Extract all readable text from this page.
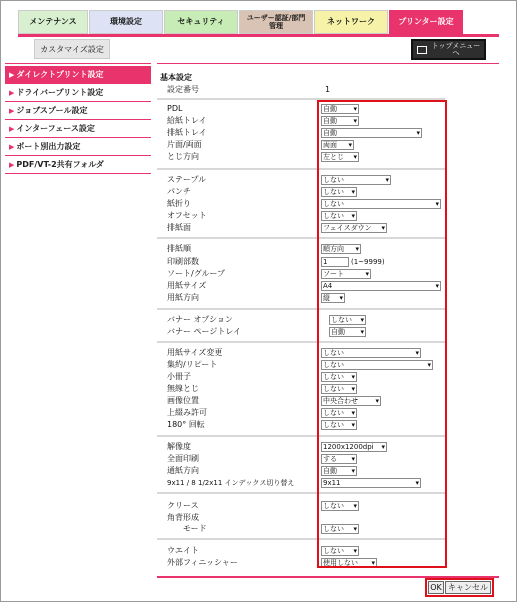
メンテナンス	環境設定	セキュリティ	ユーザー認証/部門管理	ネットワーク	プリンター設定
カスタマイズ設定	トップメニューへ
▶ ダイレクトプリント設定
▶ ドライバープリント設定
▶ ジョブスプール設定
▶ インターフェース設定
▶ ポート別出力設定
▶ PDF/VT-2共有フォルダ
基本設定
設定番号	1
PDL	自動 ▾
給紙トレイ	自動 ▾
排紙トレイ	自動 ▾
片面/両面	両面 ▾
とじ方向	左とじ ▾
ステープル	しない ▾
パンチ	しない ▾
紙折り	しない ▾
オフセット	しない ▾
排紙面	フェイスダウン ▾
排紙順	順方向 ▾
印刷部数	1	(1~9999)
ソート/グループ	ソート ▾
用紙サイズ	A4 ▾
用紙方向	縦 ▾
バナー オプション	しない ▾
バナー ページトレイ	自動 ▾
用紙サイズ変更	しない ▾
集約/リピート	しない ▾
小冊子	しない ▾
無線とじ	しない ▾
画像位置	中央合わせ ▾
上綴み許可	しない ▾
180° 回転	しない ▾
解像度	1200x1200dpi ▾
全面印刷	する ▾
通紙方向	自動 ▾
9x11 / 8 1/2x11 インデックス切り替え	9x11 ▾
クリース	しない ▾
角背形成
モード	しない ▾
ウエイト	しない ▾
外部フィニッシャー	使用しない ▾
OK キャンセル
